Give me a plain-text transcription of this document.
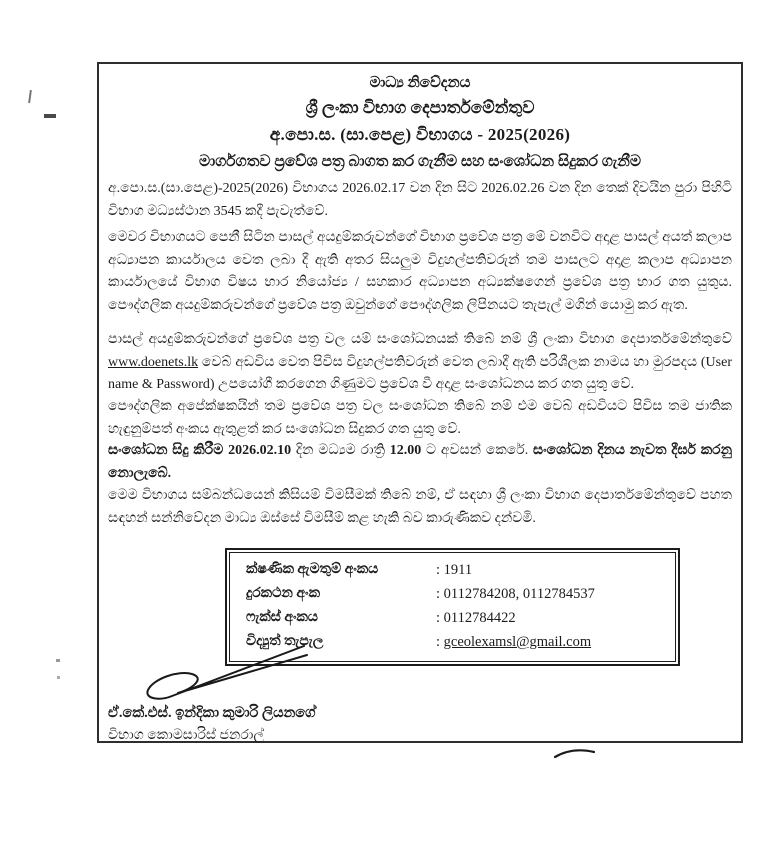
මාධ්‍ය නිවේදනය
ශ්‍රී ලංකා විභාග දෙපාර්තමේන්තුව
අ.පො.ස. (සා.පෙළ) විභාගය - 2025(2026)
මාර්ගගතව ප්‍රවේශ පත්‍ර බාගත කර ගැනීම සහ සංශෝධන සිදුකර ගැනීම

අ.පො.ස.(සා.පෙළ)-2025(2026) විභාගය 2026.02.17 වන දින සිට 2026.02.26 වන දින තෙක් දිවයින පුරා පිහිටි විභාග මධ්‍යස්ථාන 3545 කදී පැවැත්වේ.

මෙවර විභාගයට පෙනී සිටින පාසල් අයදුම්කරුවන්ගේ විභාග ප්‍රවේශ පත්‍ර මේ වනවිට අදාළ පාසල් අයත් කලාප අධ්‍යාපන කාර්යාලය වෙත ලබා දී ඇති අතර සියලුම විදුහල්පතිවරුන් තම පාසලට අදාළ කලාප අධ්‍යාපන කාර්යාලයේ විභාග විෂය භාර නියෝජ්‍ය / සහකාර අධ්‍යාපන අධ්‍යක්ෂගෙන් ප්‍රවේශ පත්‍ර භාර ගත යුතුය. පෞද්ගලික අයදුම්කරුවන්ගේ ප්‍රවේශ පත්‍ර ඔවුන්ගේ පෞද්ගලික ලිපිනයට තැපැල් මගින් යොමු කර ඇත.

පාසල් අයදුම්කරුවන්ගේ ප්‍රවේශ පත්‍ර වල යම් සංශෝධනයක් තිබේ නම් ශ්‍රී ලංකා විභාග දෙපාර්තමේන්තුවේ www.doenets.lk වෙබ් අඩවිය වෙත පිවිස විදුහල්පතිවරුන් වෙත ලබාදී ඇති පරිශීලක නාමය හා මුරපදය (User name & Password) උපයෝගී කරගෙන ගිණුමට ප්‍රවේශ වී අදාළ සංශෝධනය කර ගත යුතු වේ.

පෞද්ගලික අපේක්ෂකයින් තම ප්‍රවේශ පත්‍ර වල සංශෝධන තිබේ නම් එම වෙබ් අඩවියට පිවිස තම ජාතික හැඳුනුම්පත් අංකය ඇතුළත් කර සංශෝධන සිදුකර ගත යුතු වේ.

සංශෝධන සිදු කිරීම 2026.02.10 දින මධ්‍යම රාත්‍රි 12.00 ට අවසන් කෙරේ. සංශෝධන දිනය නැවත දීර්ඝ කරනු නොලැබේ.

මෙම විභාගය සම්බන්ධයෙන් කිසියම් විමසීමක් තිබේ නම්, ඒ සඳහා ශ්‍රී ලංකා විභාග දෙපාර්තමේන්තුවේ පහත සඳහන් සන්නිවේදන මාධ්‍ය ඔස්සේ විමසීම් කළ හැකි බව කාරුණිකව දන්වමි.

ක්ෂණික ඇමතුම් අංකය	: 1911
දුරකථන අංක	: 0112784208, 0112784537
ෆැක්ස් අංකය	: 0112784422
විද්‍යුත් තැපැල	: gceolexamsl@gmail.com
ඒ.කේ.එස්. ඉන්දිකා කුමාරි ලියනගේ
විභාග කොමසාරිස් ජනරාල්
